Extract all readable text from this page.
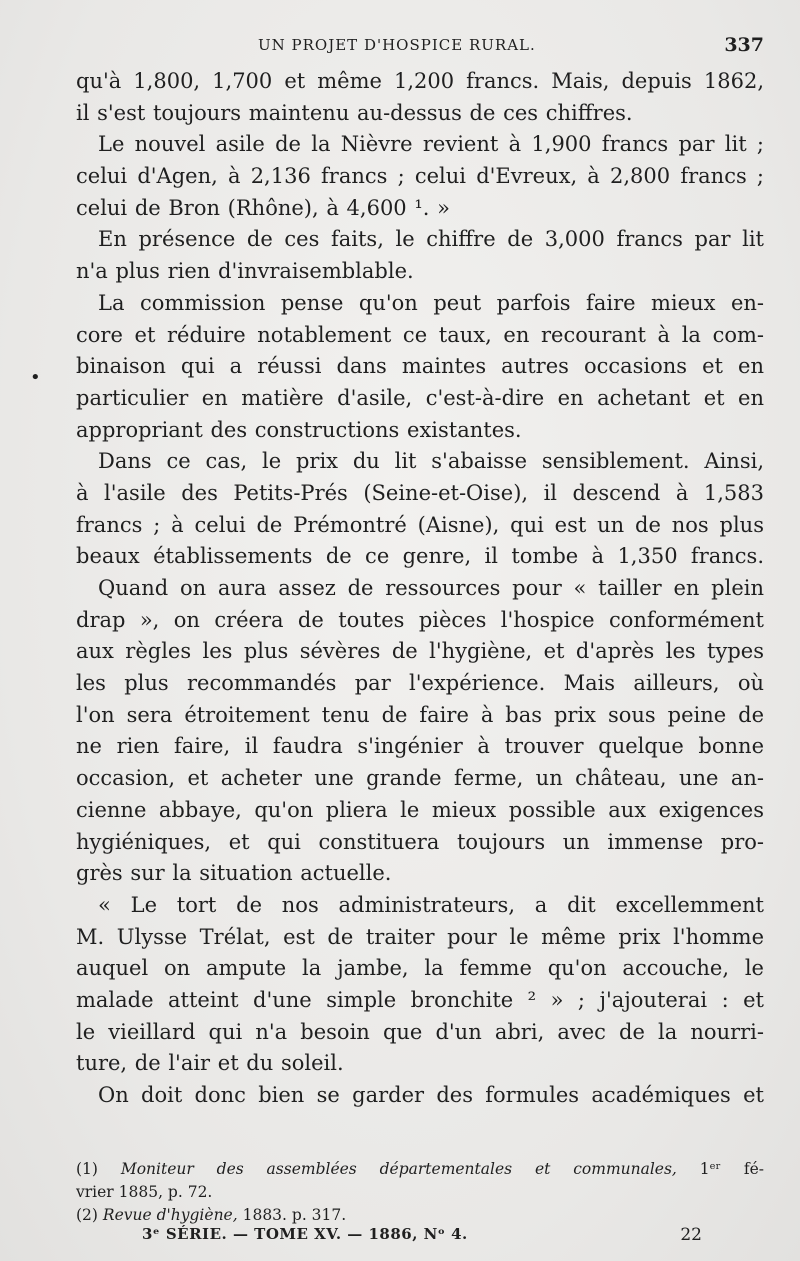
UN PROJET D'HOSPICE RURAL.	337
•
qu'à 1,800, 1,700 et même 1,200 francs. Mais, depuis 1862,
il s'est toujours maintenu au-dessus de ces chiffres.
Le nouvel asile de la Nièvre revient à 1,900 francs par lit ;
celui d'Agen, à 2,136 francs ; celui d'Evreux, à 2,800 francs ;
celui de Bron (Rhône), à 4,600 ¹. »
En présence de ces faits, le chiffre de 3,000 francs par lit
n'a plus rien d'invraisemblable.
La commission pense qu'on peut parfois faire mieux en-
core et réduire notablement ce taux, en recourant à la com-
binaison qui a réussi dans maintes autres occasions et en
particulier en matière d'asile, c'est-à-dire en achetant et en
appropriant des constructions existantes.
Dans ce cas, le prix du lit s'abaisse sensiblement. Ainsi,
à l'asile des Petits-Prés (Seine-et-Oise), il descend à 1,583
francs ; à celui de Prémontré (Aisne), qui est un de nos plus
beaux établissements de ce genre, il tombe à 1,350 francs.
Quand on aura assez de ressources pour « tailler en plein
drap », on créera de toutes pièces l'hospice conformément
aux règles les plus sévères de l'hygiène, et d'après les types
les plus recommandés par l'expérience. Mais ailleurs, où
l'on sera étroitement tenu de faire à bas prix sous peine de
ne rien faire, il faudra s'ingénier à trouver quelque bonne
occasion, et acheter une grande ferme, un château, une an-
cienne abbaye, qu'on pliera le mieux possible aux exigences
hygiéniques, et qui constituera toujours un immense pro-
grès sur la situation actuelle.
« Le tort de nos administrateurs, a dit excellemment
M. Ulysse Trélat, est de traiter pour le même prix l'homme
auquel on ampute la jambe, la femme qu'on accouche, le
malade atteint d'une simple bronchite ² » ; j'ajouterai : et
le vieillard qui n'a besoin que d'un abri, avec de la nourri-
ture, de l'air et du soleil.
On doit donc bien se garder des formules académiques et
(1) Moniteur des assemblées départementales et communales, 1ᵉʳ fé-
vrier 1885, p. 72.
(2) Revue d'hygiène, 1883. p. 317.
3ᵉ SÉRIE. — TOME XV. — 1886, Nᵒ 4.	22
